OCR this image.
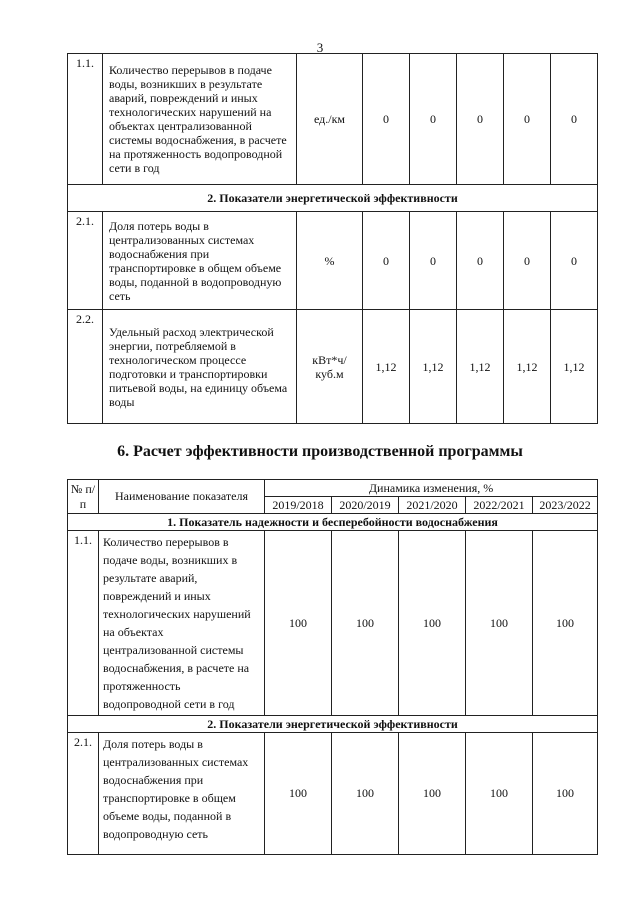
3
1.1.	Количество перерывов в подаче воды, возникших в результате аварий, повреждений и иных технологических нарушений на объектах централизованной системы водоснабжения, в расчете на протяженность водопроводной сети в год	ед./км	0	0	0	0	0
2. Показатели энергетической эффективности							
2.1.	Доля потерь воды в централизованных системах водоснабжения при транспортировке в общем объеме воды, поданной в водопроводную сеть	%	0	0	0	0	0
2.2.	Удельный расход электрической энергии, потребляемой в технологическом процессе подготовки и транспортировки питьевой воды, на единицу объема воды	кВт*ч/ куб.м	1,12	1,12	1,12	1,12	1,12
6. Расчет эффективности производственной программы
№ п/п	Наименование показателя	Динамика изменения, %				
		2019/2018	2020/2019	2021/2020	2022/2021	2023/2022
1. Показатель надежности и бесперебойности водоснабжения						
1.1.	Количество перерывов в подаче воды, возникших в результате аварий, повреждений и иных технологических нарушений на объектах централизованной системы водоснабжения, в расчете на протяженность водопроводной сети в год	100	100	100	100	100
2. Показатели энергетической эффективности						
2.1.	Доля потерь воды в централизованных системах водоснабжения при транспортировке в общем объеме воды, поданной в водопроводную сеть	100	100	100	100	100
